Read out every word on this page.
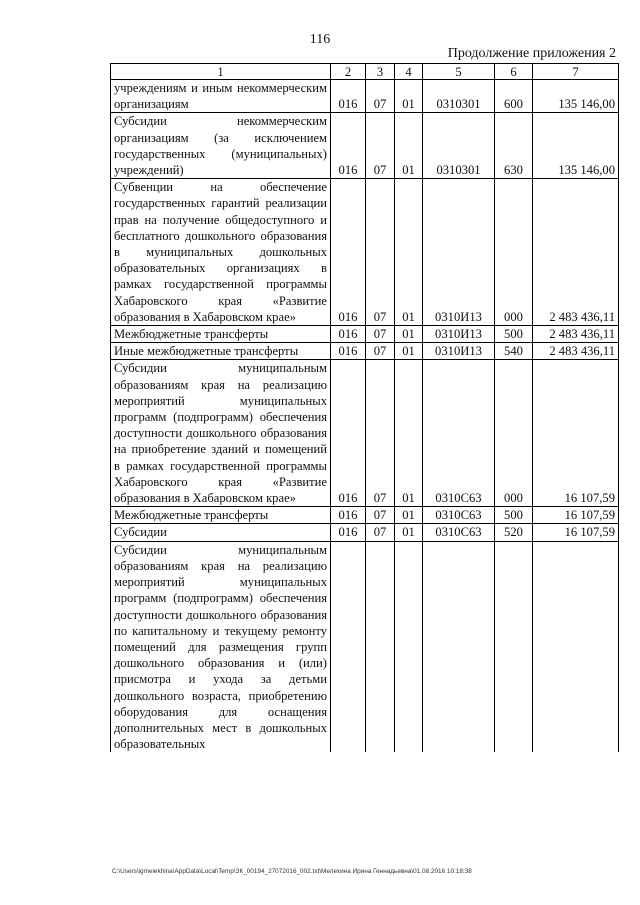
116
Продолжение приложения 2
1	2	3	4	5	6	7
учреждениям и иным некоммерческим организациям	016	07	01	0310301	600	135 146,00
Субсидии некоммерческим организациям (за исключением государственных (муниципальных) учреждений)	016	07	01	0310301	630	135 146,00
Субвенции на обеспечение государственных гарантий реализации прав на получение общедоступного и бесплатного дошкольного образования в муниципальных дошкольных образовательных организациях в рамках государственной программы Хабаровского края «Развитие образования в Хабаровском крае»	016	07	01	0310И13	000	2 483 436,11
Межбюджетные трансферты	016	07	01	0310И13	500	2 483 436,11
Иные межбюджетные трансферты	016	07	01	0310И13	540	2 483 436,11
Субсидии муниципальным образованиям края на реализацию мероприятий муниципальных программ (подпрограмм) обеспечения доступности дошкольного образования на приобретение зданий и помещений в рамках государственной программы Хабаровского края «Развитие образования в Хабаровском крае»	016	07	01	0310С63	000	16 107,59
Межбюджетные трансферты	016	07	01	0310С63	500	16 107,59
Субсидии	016	07	01	0310С63	520	16 107,59
Субсидии муниципальным образованиям края на реализацию мероприятий муниципальных программ (подпрограмм) обеспечения доступности дошкольного образования по капитальному и текущему ремонту помещений для размещения групп дошкольного образования и (или) присмотра и ухода за детьми дошкольного возраста, приобретению оборудования для оснащения дополнительных мест в дошкольных образовательных						
C:\Users\igmelekhina\AppData\Local\Temp\ЗК_00194_27072016_002.txt\Мелехина Ирина Геннадьевна\01.08.2016 10:18:38
